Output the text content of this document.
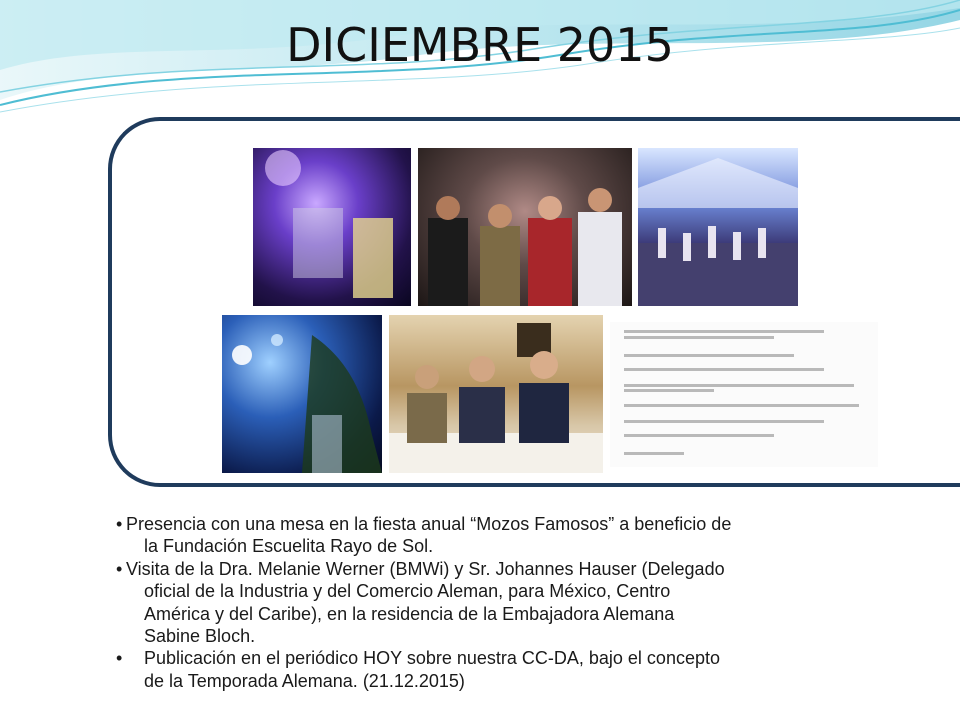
DICIEMBRE 2015
• Presencia con una mesa en la fiesta anual “Mozos Famosos” a beneficio de
la Fundación Escuelita Rayo de Sol.
• Visita de la Dra. Melanie Werner (BMWi) y Sr. Johannes Hauser (Delegado
oficial de la Industria y del Comercio Aleman, para México, Centro
América y del Caribe), en la residencia de la Embajadora Alemana
Sabine Bloch.
• Publicación en el periódico HOY sobre nuestra CC-DA, bajo el concepto
de la Temporada Alemana. (21.12.2015)
